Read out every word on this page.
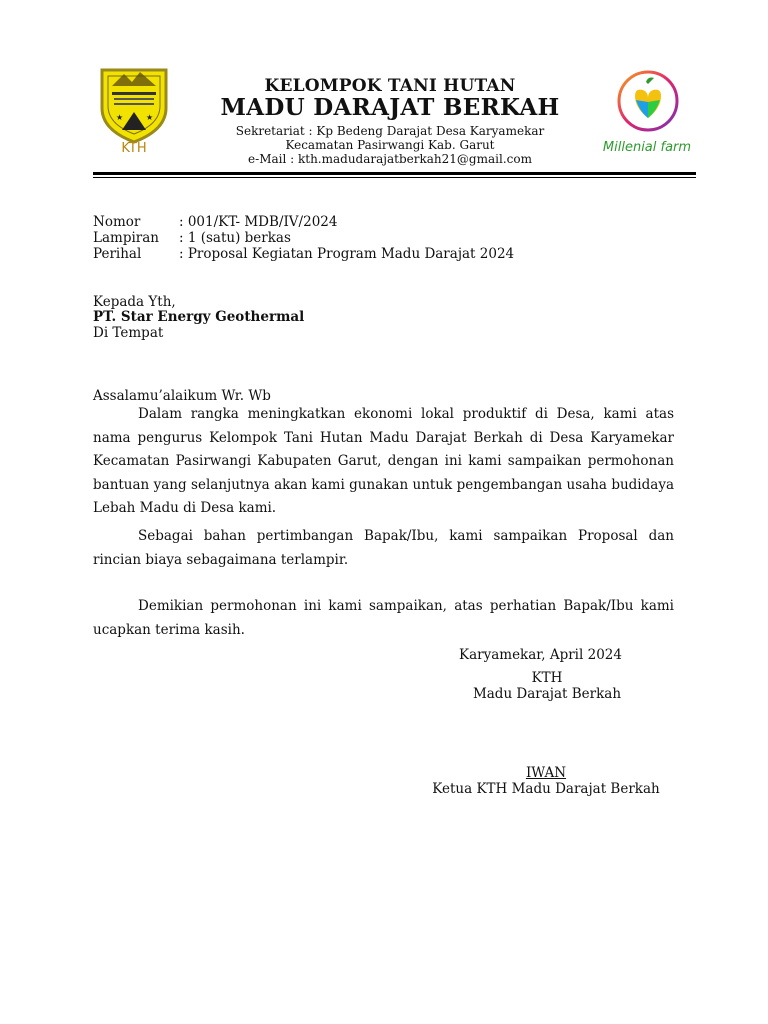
★	★
KTH
KELOMPOK TANI HUTAN
MADU DARAJAT BERKAH
Sekretariat : Kp Bedeng Darajat Desa Karyamekar
Kecamatan Pasirwangi Kab. Garut
e-Mail : kth.madudarajatberkah21@gmail.com
Millenial farm
Nomor	: 001/KT- MDB/IV/2024
Lampiran : 1 (satu) berkas
Perihal	: Proposal Kegiatan Program Madu Darajat 2024
Kepada Yth,
PT. Star Energy Geothermal
Di Tempat
Assalamu’alaikum Wr. Wb
Dalam rangka meningkatkan ekonomi lokal produktif di Desa, kami atas nama pengurus Kelompok Tani Hutan Madu Darajat Berkah di Desa Karyamekar Kecamatan Pasirwangi Kabupaten Garut, dengan ini kami sampaikan permohonan bantuan yang selanjutnya akan kami gunakan untuk pengembangan usaha budidaya Lebah Madu di Desa kami.
Sebagai bahan pertimbangan Bapak/Ibu, kami sampaikan Proposal dan rincian biaya sebagaimana terlampir.
Demikian permohonan ini kami sampaikan, atas perhatian Bapak/Ibu kami ucapkan terima kasih.
Karyamekar, April 2024
KTH
Madu Darajat Berkah
IWAN
Ketua KTH Madu Darajat Berkah
